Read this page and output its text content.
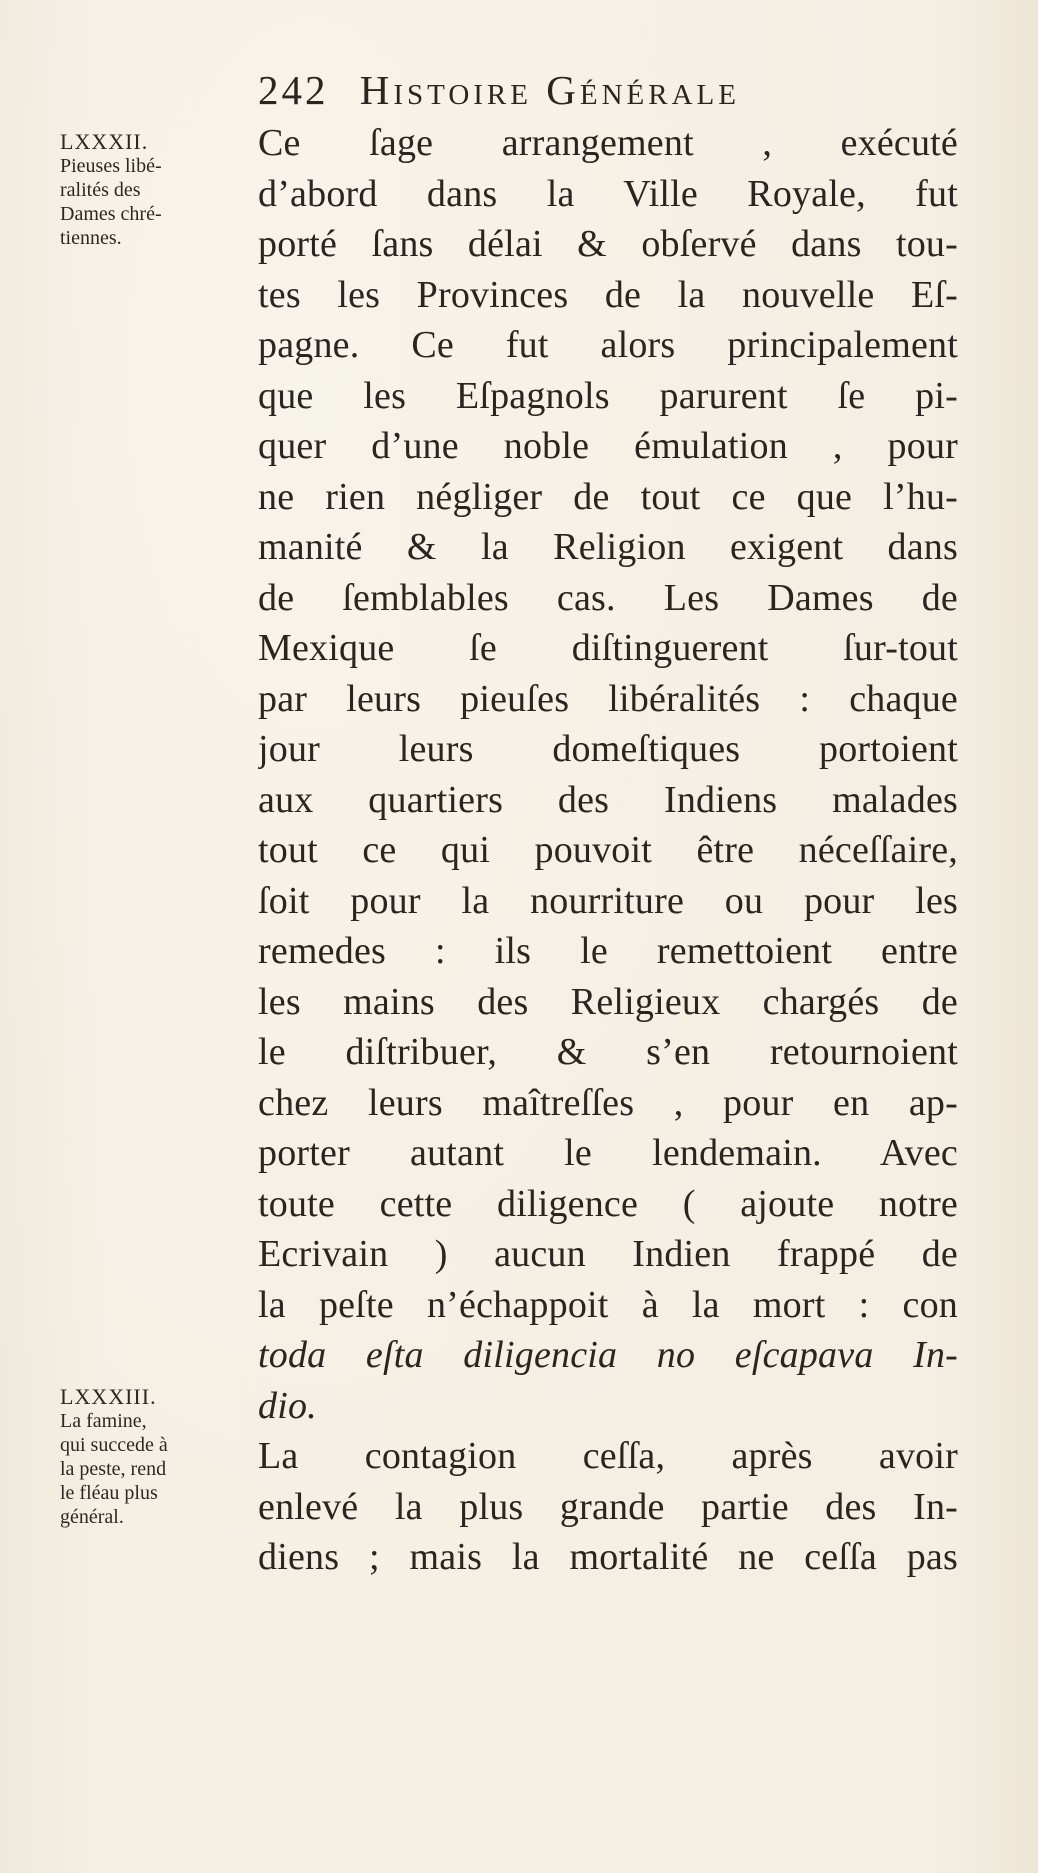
242 Histoire Générale
LXXXII.
Pieuses libé-
ralités des
Dames chré-
tiennes.
LXXXIII.
La famine,
qui succede à
la peste, rend
le fléau plus
général.
Ce ſage arrangement , exécuté
d’abord dans la Ville Royale, fut
porté ſans délai & obſervé dans tou-
tes les Provinces de la nouvelle Eſ-
pagne. Ce fut alors principalement
que les Eſpagnols parurent ſe pi-
quer d’une noble émulation , pour
ne rien négliger de tout ce que l’hu-
manité & la Religion exigent dans
de ſemblables cas. Les Dames de
Mexique ſe diſtinguerent ſur-tout
par leurs pieuſes libéralités : chaque
jour leurs domeſtiques portoient
aux quartiers des Indiens malades
tout ce qui pouvoit être néceſſaire,
ſoit pour la nourriture ou pour les
remedes : ils le remettoient entre
les mains des Religieux chargés de
le diſtribuer, & s’en retournoient
chez leurs maîtreſſes , pour en ap-
porter autant le lendemain. Avec
toute cette diligence ( ajoute notre
Ecrivain ) aucun Indien frappé de
la peſte n’échappoit à la mort : con
toda eſta diligencia no eſcapava In-
dio.
La contagion ceſſa, après avoir
enlevé la plus grande partie des In-
diens ; mais la mortalité ne ceſſa pas
